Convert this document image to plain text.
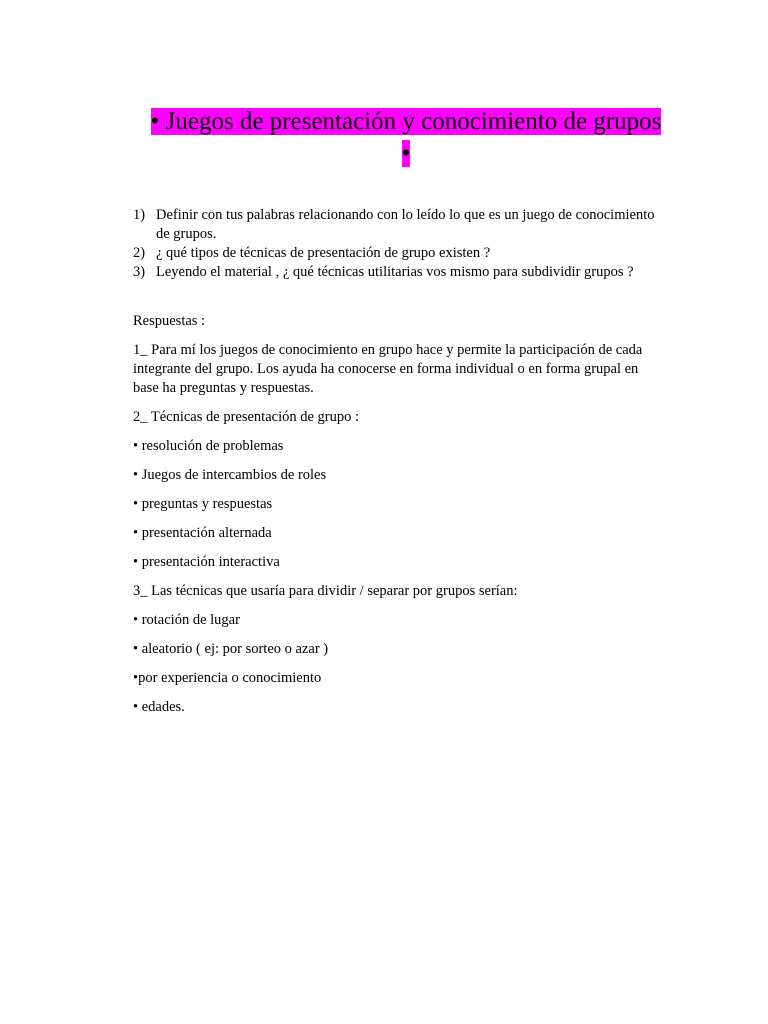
• Juegos de presentación y conocimiento de grupos •
1) Definir con tus palabras relacionando con lo leído lo que es un juego de conocimiento de grupos.
2) ¿ qué tipos de técnicas de presentación de grupo existen ?
3) Leyendo el material , ¿ qué técnicas utilitarias vos mismo para subdividir grupos ?

Respuestas :

1_ Para mí los juegos de conocimiento en grupo hace y permite la participación de cada integrante del grupo. Los ayuda ha conocerse en forma individual o en forma grupal en base ha preguntas y respuestas.

2_ Técnicas de presentación de grupo :

• resolución de problemas

• Juegos de intercambios de roles

• preguntas y respuestas

• presentación alternada

• presentación interactiva

3_ Las técnicas que usaría para dividir / separar por grupos serían:

• rotación de lugar

• aleatorio ( ej: por sorteo o azar )

•por experiencia o conocimiento

• edades.
